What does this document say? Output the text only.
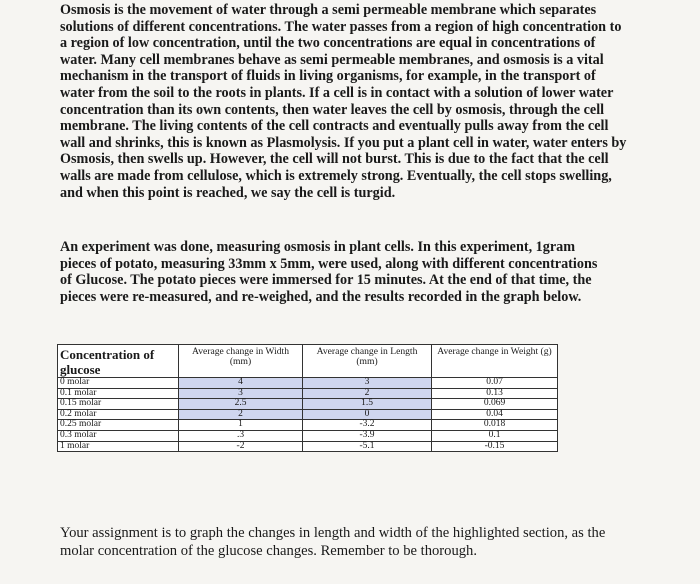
Osmosis is the movement of water through a semi permeable membrane which separates solutions of different concentrations. The water passes from a region of high concentration to a region of low concentration, until the two concentrations are equal in concentrations of water. Many cell membranes behave as semi permeable membranes, and osmosis is a vital mechanism in the transport of fluids in living organisms, for example, in the transport of water from the soil to the roots in plants. If a cell is in contact with a solution of lower water concentration than its own contents, then water leaves the cell by osmosis, through the cell membrane. The living contents of the cell contracts and eventually pulls away from the cell wall and shrinks, this is known as Plasmolysis. If you put a plant cell in water, water enters by Osmosis, then swells up. However, the cell will not burst. This is due to the fact that the cell walls are made from cellulose, which is extremely strong. Eventually, the cell stops swelling, and when this point is reached, we say the cell is turgid.

An experiment was done, measuring osmosis in plant cells. In this experiment, 1gram pieces of potato, measuring 33mm x 5mm, were used, along with different concentrations of Glucose. The potato pieces were immersed for 15 minutes. At the end of that time, the pieces were re-measured, and re-weighed, and the results recorded in the graph below.

Concentration of glucose	Average change in Width (mm)	Average change in Length (mm)	Average change in Weight (g)
0 molar	4	3	0.07
0.1 molar	3	2	0.13
0.15 molar	2.5	1.5	0.069
0.2 molar	2	0	0.04
0.25 molar	1	-3.2	0.018
0.3 molar	.3	-3.9	0.1
1 molar	-2	-5.1	-0.15

Your assignment is to graph the changes in length and width of the highlighted section, as the molar concentration of the glucose changes. Remember to be thorough.
